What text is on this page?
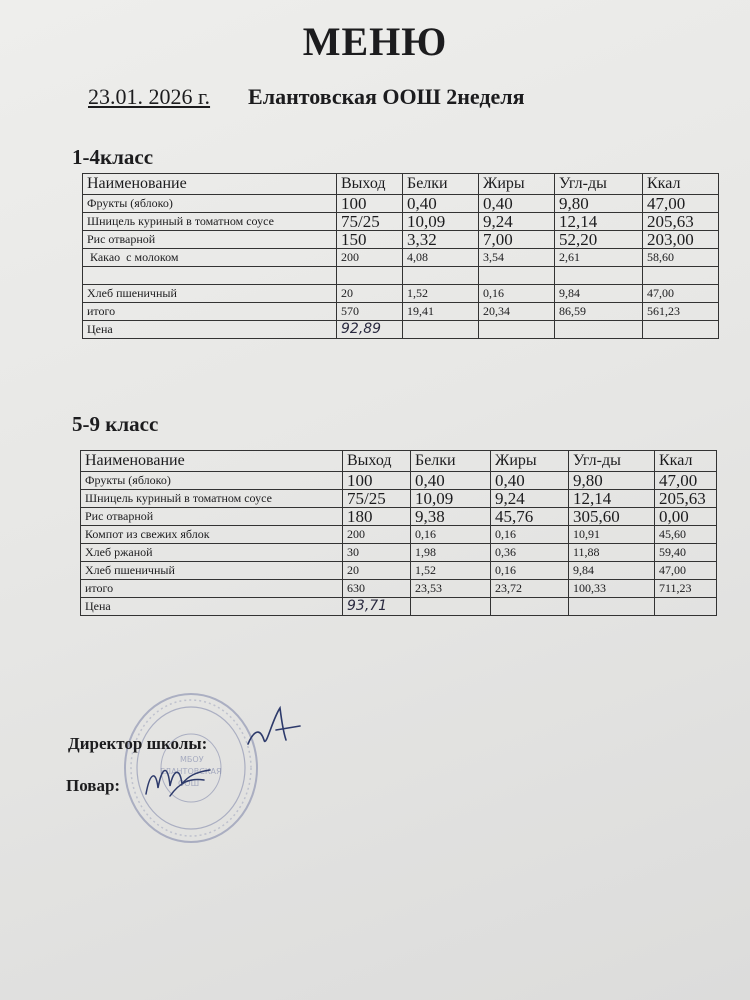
МЕНЮ
23.01. 2026 г. Елантовская ООШ 2неделя
1-4класс
Наименование	Выход	Белки	Жиры	Угл-ды	Ккал
Фрукты (яблоко)	100	0,40	0,40	9,80	47,00
Шницель куриный в томатном соусе	75/25	10,09	9,24	12,14	205,63
Рис отварной	150	3,32	7,00	52,20	203,00
Какао  с молоком	200	4,08	3,54	2,61	58,60

Хлеб пшеничный	20	1,52	0,16	9,84	47,00
итого	570	19,41	20,34	86,59	561,23
Цена	92,89				
5-9 класс
Наименование	Выход	Белки	Жиры	Угл-ды	Ккал
Фрукты (яблоко)	100	0,40	0,40	9,80	47,00
Шницель куриный в томатном соусе	75/25	10,09	9,24	12,14	205,63
Рис отварной	180	9,38	45,76	305,60	0,00
Компот из свежих яблок	200	0,16	0,16	10,91	45,60
Хлеб ржаной	30	1,98	0,36	11,88	59,40
Хлеб пшеничный	20	1,52	0,16	9,84	47,00
итого	630	23,53	23,72	100,33	711,23
Цена	93,71				
МБОУ
ЕЛАНТОВСКАЯ
ООШ
Директор школы:
Повар:
